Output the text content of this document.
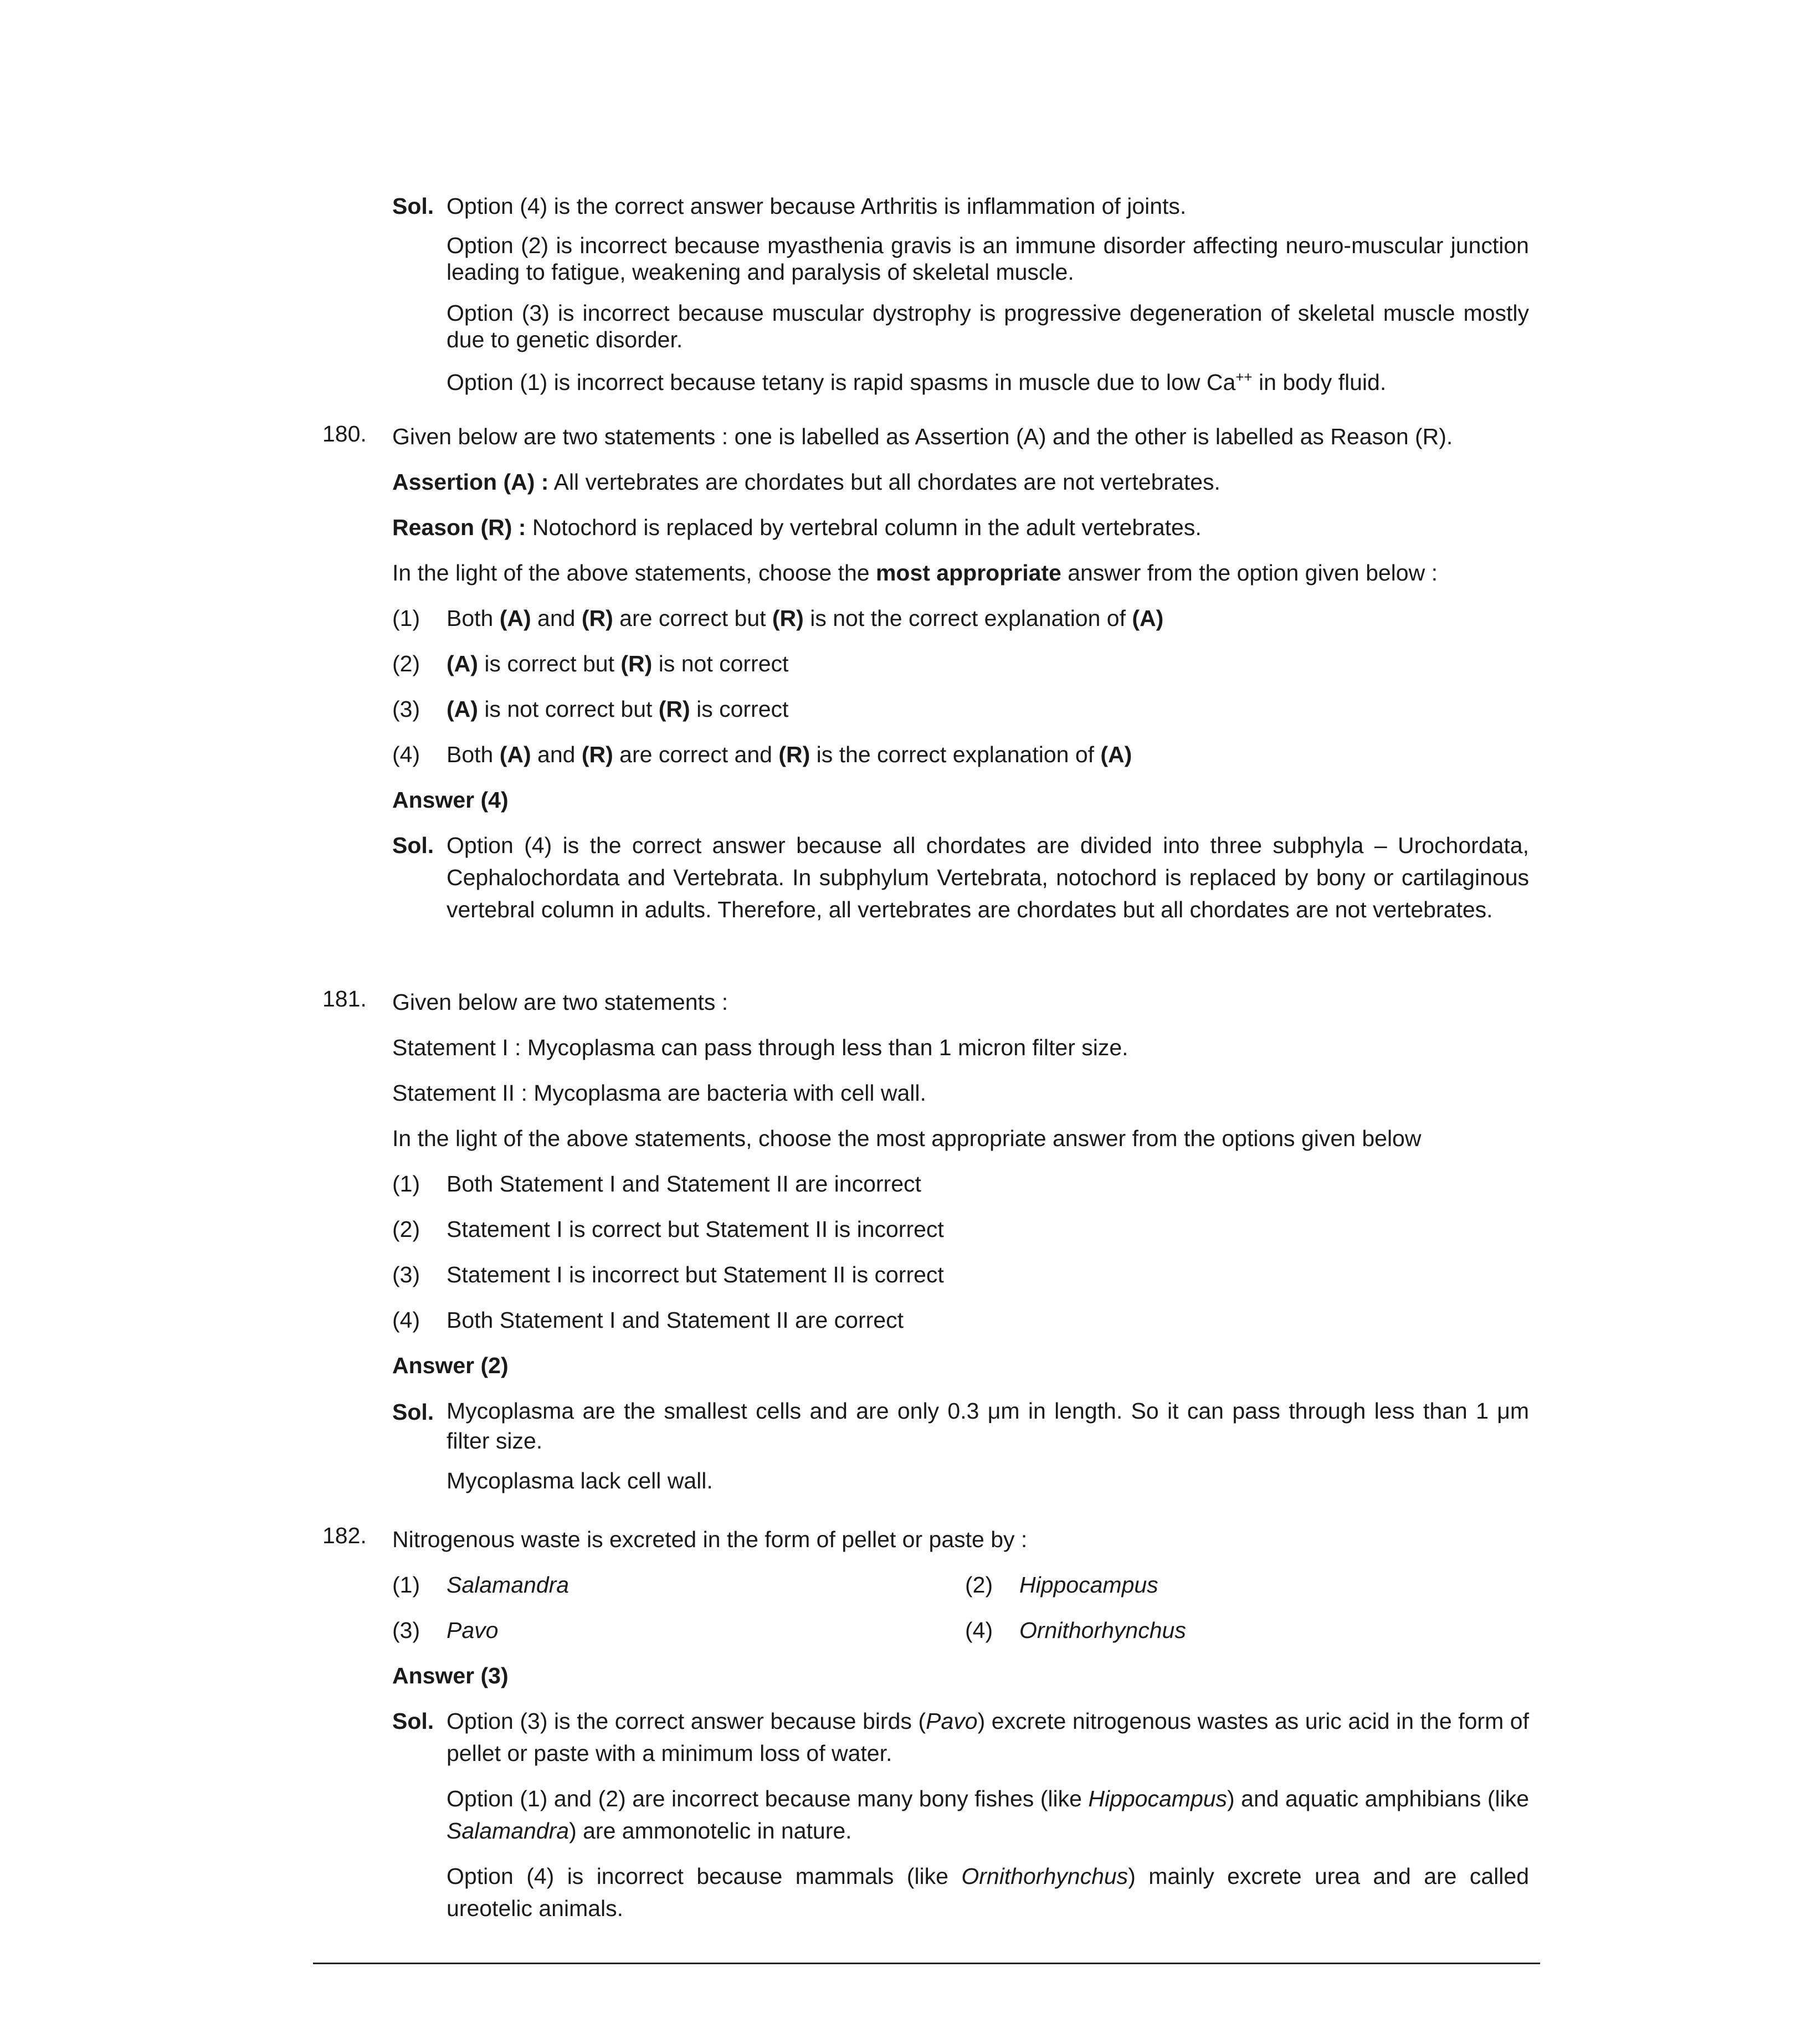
Sol. Option (4) is the correct answer because Arthritis is inflammation of joints.

Option (2) is incorrect because myasthenia gravis is an immune disorder affecting neuro-muscular junction leading to fatigue, weakening and paralysis of skeletal muscle.

Option (3) is incorrect because muscular dystrophy is progressive degeneration of skeletal muscle mostly due to genetic disorder.

Option (1) is incorrect because tetany is rapid spasms in muscle due to low Ca++ in body fluid.

180. Given below are two statements : one is labelled as Assertion (A) and the other is labelled as Reason (R).

Assertion (A) : All vertebrates are chordates but all chordates are not vertebrates.

Reason (R) : Notochord is replaced by vertebral column in the adult vertebrates.

In the light of the above statements, choose the most appropriate answer from the option given below :

(1) Both (A) and (R) are correct but (R) is not the correct explanation of (A)
(2) (A) is correct but (R) is not correct
(3) (A) is not correct but (R) is correct
(4) Both (A) and (R) are correct and (R) is the correct explanation of (A)

Answer (4)

Sol. Option (4) is the correct answer because all chordates are divided into three subphyla – Urochordata, Cephalochordata and Vertebrata. In subphylum Vertebrata, notochord is replaced by bony or cartilaginous vertebral column in adults. Therefore, all vertebrates are chordates but all chordates are not vertebrates.

181. Given below are two statements :

Statement I : Mycoplasma can pass through less than 1 micron filter size.

Statement II : Mycoplasma are bacteria with cell wall.

In the light of the above statements, choose the most appropriate answer from the options given below

(1) Both Statement I and Statement II are incorrect
(2) Statement I is correct but Statement II is incorrect
(3) Statement I is incorrect but Statement II is correct
(4) Both Statement I and Statement II are correct

Answer (2)

Sol. Mycoplasma are the smallest cells and are only 0.3 μm in length. So it can pass through less than 1 μm filter size.

Mycoplasma lack cell wall.

182. Nitrogenous waste is excreted in the form of pellet or paste by :

(1) Salamandra	(2) Hippocampus
(3) Pavo	(4) Ornithorhynchus

Answer (3)

Sol. Option (3) is the correct answer because birds (Pavo) excrete nitrogenous wastes as uric acid in the form of pellet or paste with a minimum loss of water.

Option (1) and (2) are incorrect because many bony fishes (like Hippocampus) and aquatic amphibians (like Salamandra) are ammonotelic in nature.

Option (4) is incorrect because mammals (like Ornithorhynchus) mainly excrete urea and are called ureotelic animals.
